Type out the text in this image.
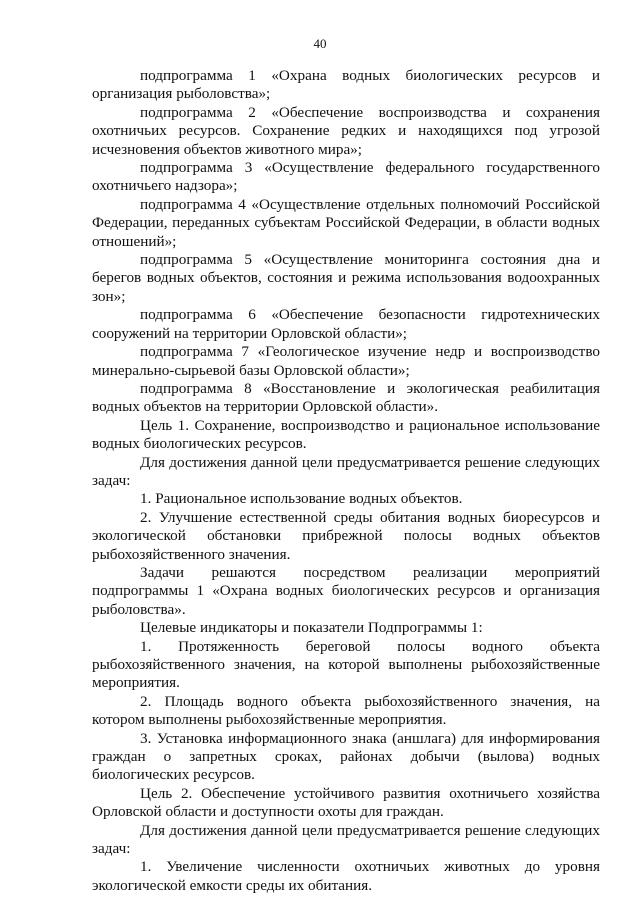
40

подпрограмма 1 «Охрана водных биологических ресурсов и организация рыболовства»;

подпрограмма 2 «Обеспечение воспроизводства и сохранения охотничьих ресурсов. Сохранение редких и находящихся под угрозой исчезновения объектов животного мира»;

подпрограмма 3 «Осуществление федерального государственного охотничьего надзора»;

подпрограмма 4 «Осуществление отдельных полномочий Российской Федерации, переданных субъектам Российской Федерации, в области водных отношений»;

подпрограмма 5 «Осуществление мониторинга состояния дна и берегов водных объектов, состояния и режима использования водоохранных зон»;

подпрограмма 6 «Обеспечение безопасности гидротехнических сооружений на территории Орловской области»;

подпрограмма 7 «Геологическое изучение недр и воспроизводство минерально-сырьевой базы Орловской области»;

подпрограмма 8 «Восстановление и экологическая реабилитация водных объектов на территории Орловской области».

Цель 1. Сохранение, воспроизводство и рациональное использование водных биологических ресурсов.

Для достижения данной цели предусматривается решение следующих задач:

1. Рациональное использование водных объектов.

2. Улучшение естественной среды обитания водных биоресурсов и экологической обстановки прибрежной полосы водных объектов рыбохозяйственного значения.

Задачи решаются посредством реализации мероприятий подпрограммы 1 «Охрана водных биологических ресурсов и организация рыболовства».

Целевые индикаторы и показатели Подпрограммы 1:

1. Протяженность береговой полосы водного объекта рыбохозяйственного значения, на которой выполнены рыбохозяйственные мероприятия.

2. Площадь водного объекта рыбохозяйственного значения, на котором выполнены рыбохозяйственные мероприятия.

3. Установка информационного знака (аншлага) для информирования граждан о запретных сроках, районах добычи (вылова) водных биологических ресурсов.

Цель 2. Обеспечение устойчивого развития охотничьего хозяйства Орловской области и доступности охоты для граждан.

Для достижения данной цели предусматривается решение следующих задач:

1. Увеличение численности охотничьих животных до уровня экологической емкости среды их обитания.
